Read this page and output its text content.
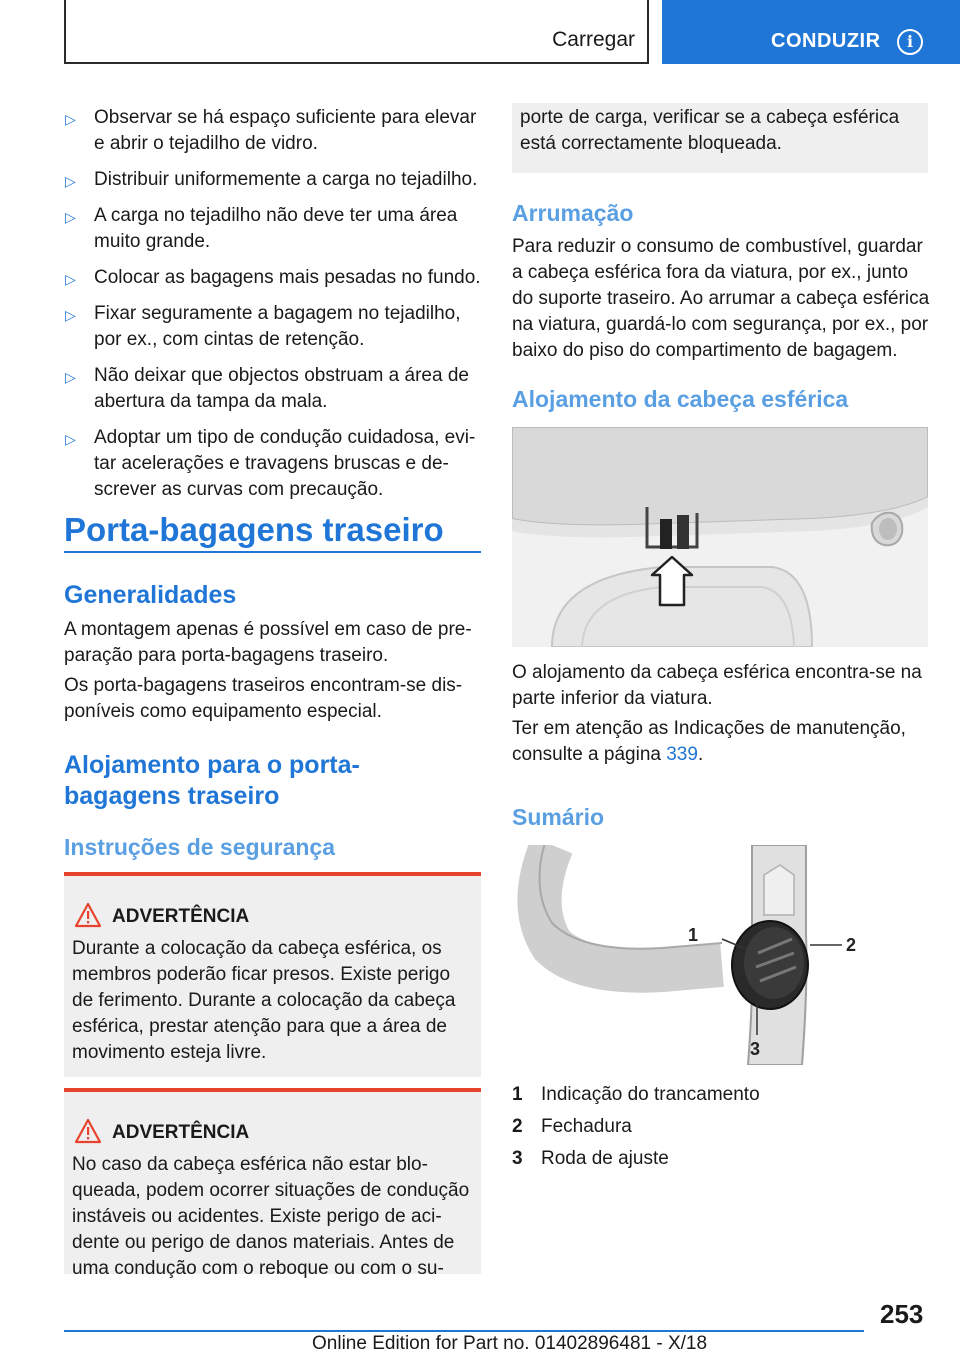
Carregar	CONDUZIR	i
▷ Observar se há espaço suficiente para elevar e abrir o tejadilho de vidro.
▷ Distribuir uniformemente a carga no tejadilho.
▷ A carga no tejadilho não deve ter uma área muito grande.
▷ Colocar as bagagens mais pesadas no fundo.
▷ Fixar seguramente a bagagem no tejadilho, por ex., com cintas de retenção.
▷ Não deixar que objectos obstruam a área de abertura da tampa da mala.
▷ Adoptar um tipo de condução cuidadosa, evi-tar acelerações e travagens bruscas e de-screver as curvas com precaução.
Porta-bagagens traseiro
Generalidades
A montagem apenas é possível em caso de pre-paração para porta-bagagens traseiro.
Os porta-bagagens traseiros encontram-se dis-poníveis como equipamento especial.
Alojamento para o porta-bagagens traseiro
Instruções de segurança
ADVERTÊNCIA
Durante a colocação da cabeça esférica, os membros poderão ficar presos. Existe perigo de ferimento. Durante a colocação da cabeça esférica, prestar atenção para que a área de movimento esteja livre.
ADVERTÊNCIA
No caso da cabeça esférica não estar blo-queada, podem ocorrer situações de condução instáveis ou acidentes. Existe perigo de aci-dente ou perigo de danos materiais. Antes de uma condução com o reboque ou com o su-
porte de carga, verificar se a cabeça esférica está correctamente bloqueada.
Arrumação
Para reduzir o consumo de combustível, guardar a cabeça esférica fora da viatura, por ex., junto do suporte traseiro. Ao arrumar a cabeça esférica na viatura, guardá-lo com segurança, por ex., por baixo do piso do compartimento de bagagem.
Alojamento da cabeça esférica
O alojamento da cabeça esférica encontra-se na parte inferior da viatura.
Ter em atenção as Indicações de manutenção, consulte a página 339.
Sumário
1	2
3
1 Indicação do trancamento
2 Fechadura
3 Roda de ajuste
253
Online Edition for Part no. 01402896481 - X/18
